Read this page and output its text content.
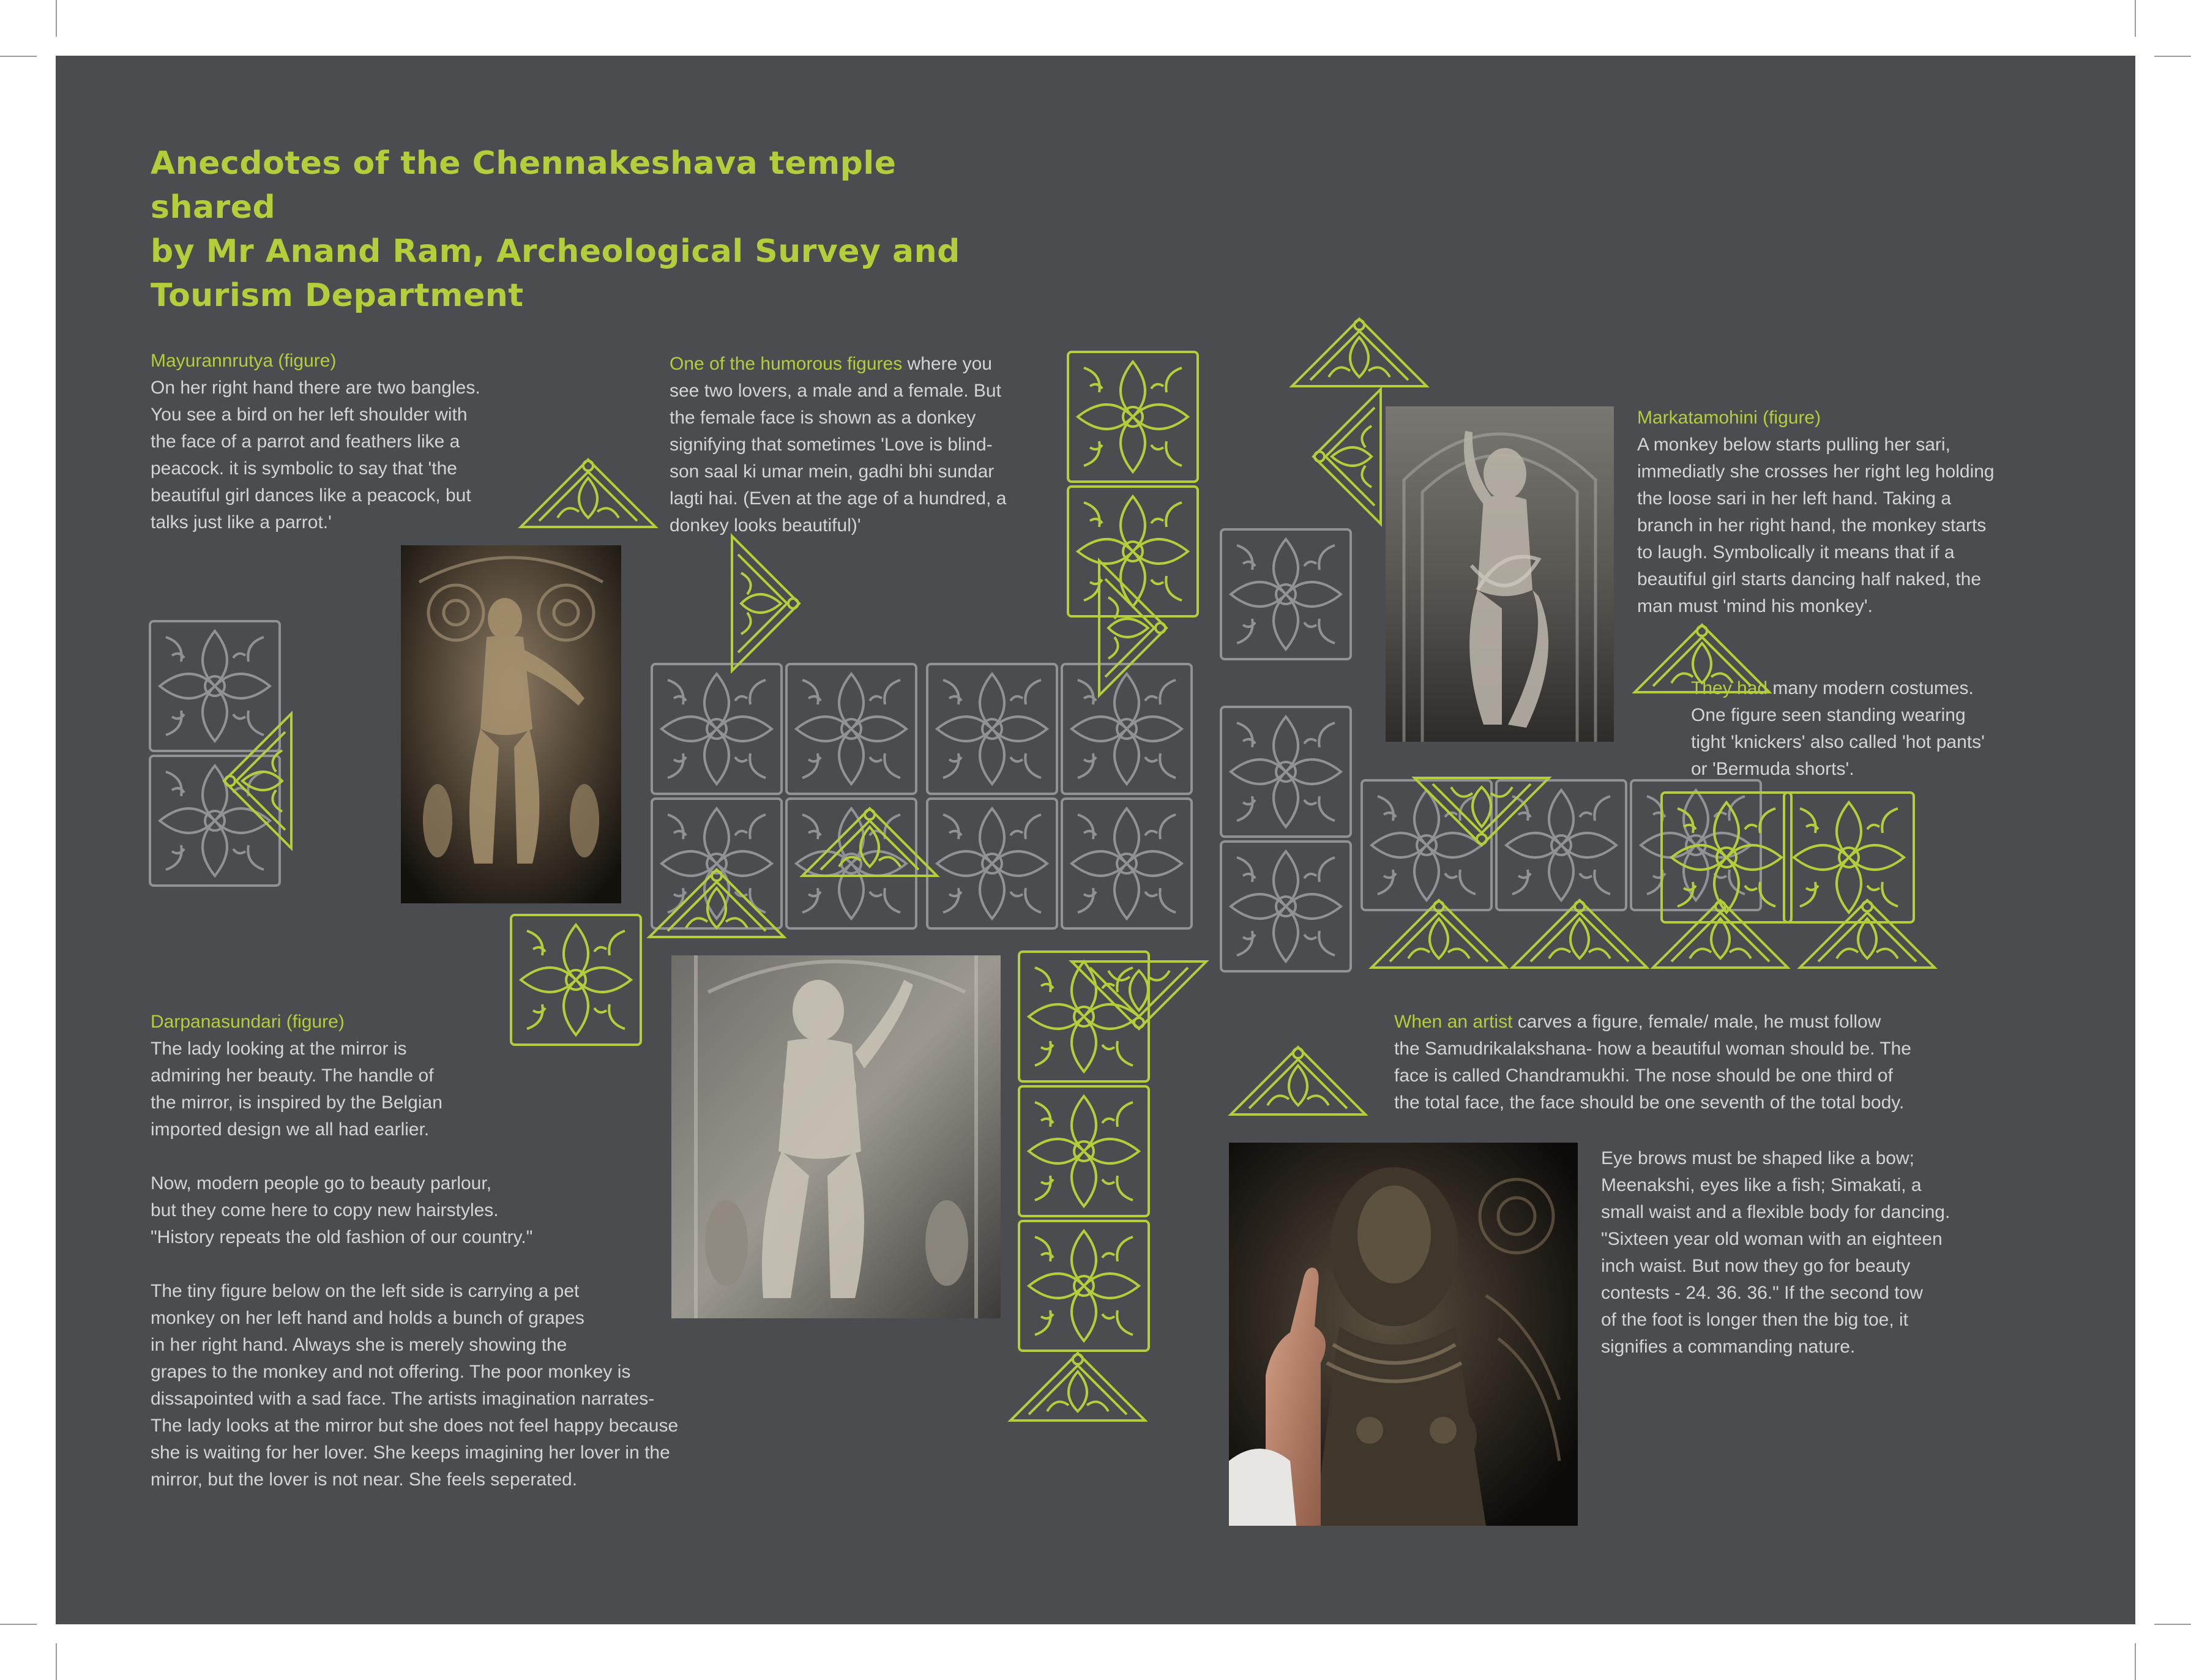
Anecdotes of the Chennakeshava temple shared
by Mr Anand Ram, Archeological Survey and
Tourism Department

Mayurannrutya (figure)

On her right hand there are two bangles.

You see a bird on her left shoulder with

the face of a parrot and feathers like a

peacock. it is symbolic to say that 'the

beautiful girl dances like a peacock, but

talks just like a parrot.'

One of the humorous figures where you

see two lovers, a male and a female. But

the female face is shown as a donkey

signifying that sometimes 'Love is blind-

son saal ki umar mein, gadhi bhi sundar

lagti hai. (Even at the age of a hundred, a

donkey looks beautiful)'

Markatamohini (figure)

A monkey below starts pulling her sari,

immediatly she crosses her right leg holding

the loose sari in her left hand. Taking a

branch in her right hand, the monkey starts

to laugh. Symbolically it means that if a

beautiful girl starts dancing half naked, the

man must 'mind his monkey'.

They had many modern costumes.

One figure seen standing wearing

tight 'knickers' also called 'hot pants'

or 'Bermuda shorts'.

Darpanasundari (figure)

The lady looking at the mirror is

admiring her beauty. The handle of

the mirror, is inspired by the Belgian

imported design we all had earlier.

Now, modern people go to beauty parlour,

but they come here to copy new hairstyles.

"History repeats the old fashion of our country."

The tiny figure below on the left side is carrying a pet

monkey on her left hand and holds a bunch of grapes

in her right hand. Always she is merely showing the

grapes to the monkey and not offering. The poor monkey is

dissapointed with a sad face. The artists imagination narrates-

The lady looks at the mirror but she does not feel happy because

she is waiting for her lover. She keeps imagining her lover in the

mirror, but the lover is not near. She feels seperated.

When an artist carves a figure, female/ male, he must follow

the Samudrikalakshana- how a beautiful woman should be. The

face is called Chandramukhi. The nose should be one third of

the total face, the face should be one seventh of the total body.

Eye brows must be shaped like a bow;

Meenakshi, eyes like a fish; Simakati, a

small waist and a flexible body for dancing.

"Sixteen year old woman with an eighteen

inch waist. But now they go for beauty

contests - 24. 36. 36." If the second tow

of the foot is longer then the big toe, it

signifies a commanding nature.
